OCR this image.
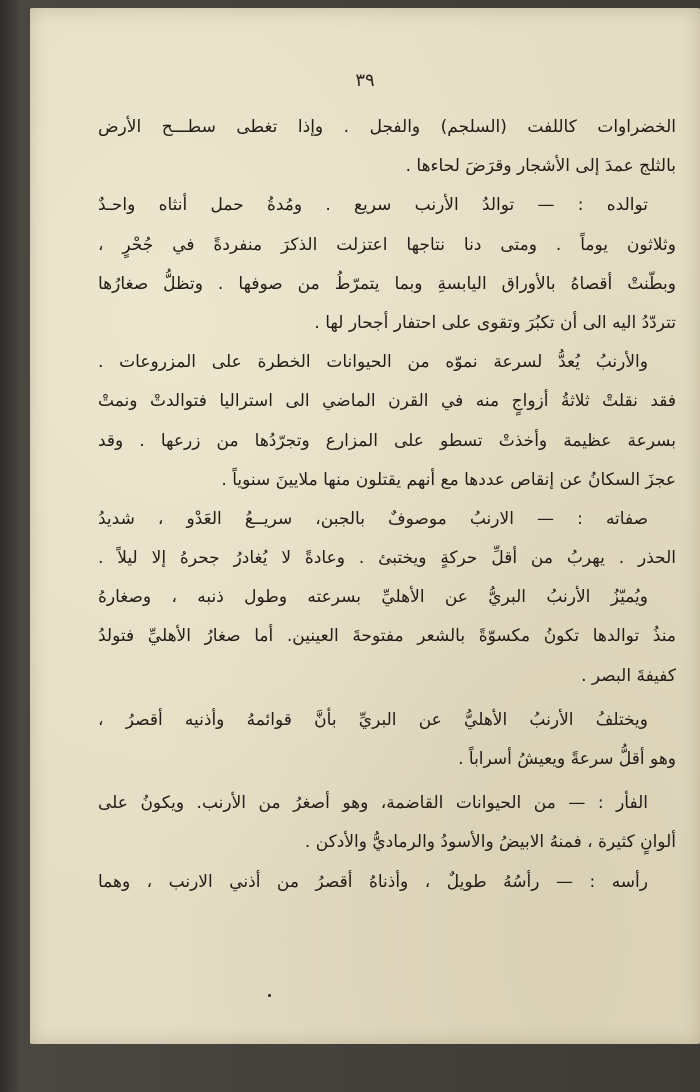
٣٩
الخضراوات كاللفت (السلجم) والفجل . وإذا تغطى سطـــح الأرض
بالثلج عمدَ إلى الأشجار وقرَضَ لحاءها .
توالده : — توالدُ الأرنب سريع . ومُدةُ حمل أنثاه واحـدٌ
وثلاثون يوماً . ومتى دنا نتاجها اعتزلت الذكرَ منفردةً في جُحْرٍ ،
وبطّنتْ أقصاهُ بالأوراق اليابسةِ وبما يتمرّطُ من صوفها . وتظلُّ صغارُها
تتردّدُ اليه الى أن تكبُرَ وتقوى على احتفار أجحار لها .
والأرنبُ يُعدُّ لسرعة نموّه من الحيوانات الخطرة على المزروعات .
فقد نقلتْ ثلاثةُ أزواجٍ منه في القرن الماضي الى استراليا فتوالدتْ ونمتْ
بسرعة عظيمة وأخذتْ تسطو على المزارع وتجرّدُها من زرعها . وقد
عجزَ السكانُ عن إنقاص عددها مع أنهم يقتلون منها ملايينَ سنوياً .
صفاته : — الارنبُ موصوفٌ بالجبن، سريــعُ العَدْو ، شديدُ
الحذر . يهربُ من أقلِّ حركةٍ ويختبئ . وعادةً لا يُغادرُ جحرهُ إلا ليلاً .
ويُميّزُ الأرنبُ البريُّ عن الأهليِّ بسرعته وطول ذنبه ، وصغارهُ
منذُ توالدها تكونُ مكسوّةً بالشعر مفتوحةَ العينين. أما صغارُ الأهليِّ فتولدُ
كفيفةَ البصر .
ويختلفُ الأرنبُ الأهليُّ عن البريِّ بأنَّ قوائمهُ وأذنيه أقصرُ ،
وهو أقلُّ سرعةً ويعيشُ أسراباً .
الفأر : — من الحيوانات القاضمة، وهو أصغرُ من الأرنب. ويكونُ على
ألوانٍ كثيرة ، فمنهُ الابيضُ والأسودُ والرماديُّ والأدكن .
رأسه : — رأسُهُ طويلٌ ، وأذناهُ أقصرُ من أذني الارنب ، وهما
